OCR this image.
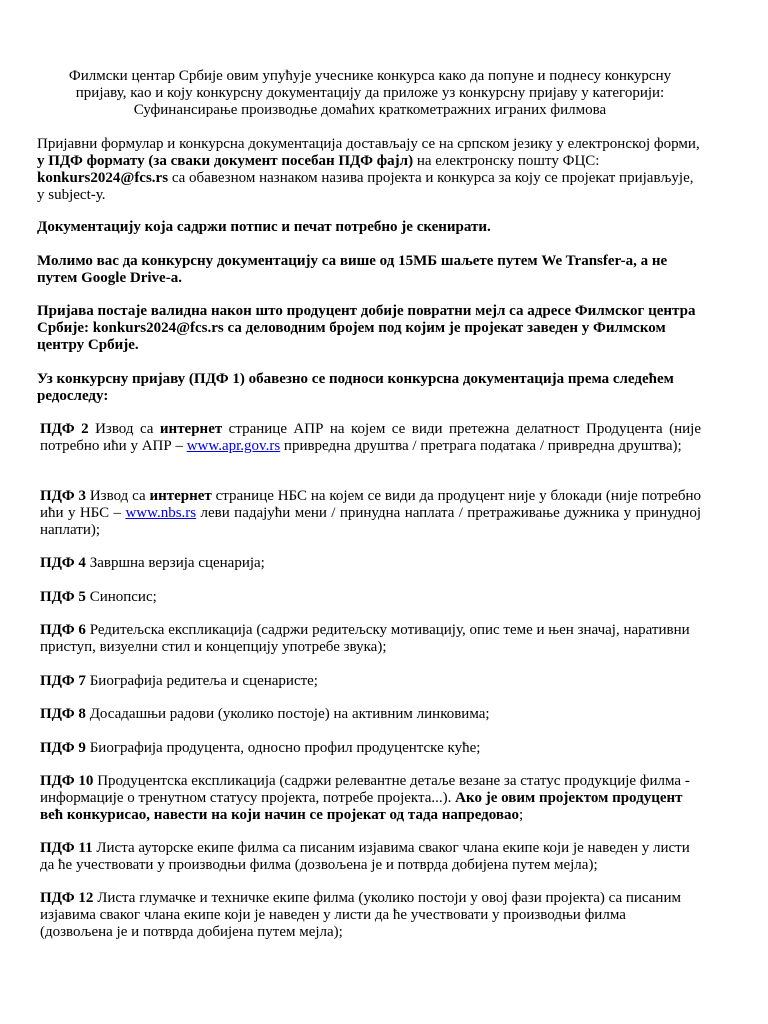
Филмски центар Србије овим упућује учеснике конкурса како да попуне и поднесу конкурсну
пријаву, као и коју конкурсну документацију да приложе уз конкурсну пријаву у категорији:
Суфинансирање производње домаћих краткометражних играних филмова
Пријавни формулар и конкурсна документација достављају се на српском језику у електронској форми, у ПДФ формату (за сваки документ посебан ПДФ фајл) на електронску пошту ФЦС: konkurs2024@fcs.rs са обавезном назнаком назива пројекта и конкурса за коју се пројекат пријављује, у subject-у.
Документацију која садржи потпис и печат потребно је скенирати.
Молимо вас да конкурсну документацију са више од 15МБ шаљете путем We Transfer-a, а не путем Google Drive-a.
Пријава постаје валидна након што продуцент добије повратни мејл са адресе Филмског центра Србије: konkurs2024@fcs.rs са деловодним бројем под којим је пројекат заведен у Филмском центру Србије.
Уз конкурсну пријаву (ПДФ 1) обавезно се подноси конкурсна документација према следећем редоследу:
ПДФ 2 Извод са интернет странице АПР на којем се види претежна делатност Продуцента (није потребно ићи у АПР – www.apr.gov.rs привредна друштва / претрага података / привредна друштва);
ПДФ 3 Извод са интернет странице НБС на којем се види да продуцент није у блокади (није потребно ићи у НБС – www.nbs.rs леви падајући мени / принудна наплата / претраживање дужника у принудној наплати);
ПДФ 4 Завршна верзија сценарија;
ПДФ 5 Синопсис;
ПДФ 6 Редитељска експликација (садржи редитељску мотивацију, опис теме и њен значај, наративни приступ, визуелни стил и концепцију употребе звука);
ПДФ 7 Биографија редитеља и сценаристе;
ПДФ 8 Досадашњи радови (уколико постоје) на активним линковима;
ПДФ 9 Биографија продуцента, односно профил продуцентске куће;
ПДФ 10 Продуцентска експликација (садржи релевантне детаље везане за статус продукције филма - информације о тренутном статусу пројекта, потребе пројекта...). Ако је овим пројектом продуцент већ конкурисао, навести на који начин се пројекат од тада напредовао;
ПДФ 11 Листа ауторске екипе филма са писаним изјавима сваког члана екипе који је наведен у листи да ће учествовати у производњи филма (дозвољена је и потврда добијена путем мејла);
ПДФ 12 Листа глумачке и техничке екипе филма (уколико постоји у овој фази пројекта) са писаним изјавима сваког члана екипе који је наведен у листи да ће учествовати у производњи филма (дозвољена је и потврда добијена путем мејла);
